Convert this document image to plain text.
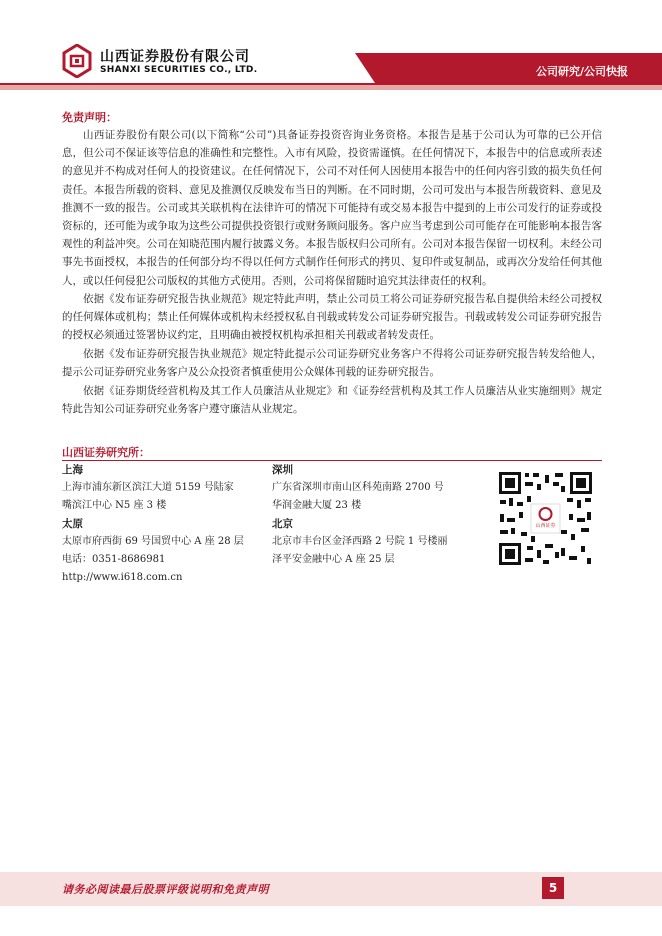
山西证券股份有限公司
SHANXI SECURITIES CO., LTD.	公司研究/公司快报
免责声明：

山西证券股份有限公司(以下简称“公司”)具备证券投资咨询业务资格。本报告是基于公司认为可靠的已公开信息，但公司不保证该等信息的准确性和完整性。入市有风险，投资需谨慎。在任何情况下，本报告中的信息或所表述的意见并不构成对任何人的投资建议。在任何情况下，公司不对任何人因使用本报告中的任何内容引致的损失负任何责任。本报告所载的资料、意见及推测仅反映发布当日的判断。在不同时期，公司可发出与本报告所载资料、意见及推测不一致的报告。公司或其关联机构在法律许可的情况下可能持有或交易本报告中提到的上市公司发行的证券或投资标的，还可能为或争取为这些公司提供投资银行或财务顾问服务。客户应当考虑到公司可能存在可能影响本报告客观性的利益冲突。公司在知晓范围内履行披露义务。本报告版权归公司所有。公司对本报告保留一切权利。未经公司事先书面授权，本报告的任何部分均不得以任何方式制作任何形式的拷贝、复印件或复制品，或再次分发给任何其他人，或以任何侵犯公司版权的其他方式使用。否则，公司将保留随时追究其法律责任的权利。

依据《发布证券研究报告执业规范》规定特此声明，禁止公司员工将公司证券研究报告私自提供给未经公司授权的任何媒体或机构；禁止任何媒体或机构未经授权私自刊载或转发公司证券研究报告。刊载或转发公司证券研究报告的授权必须通过签署协议约定，且明确由被授权机构承担相关刊载或者转发责任。

依据《发布证券研究报告执业规范》规定特此提示公司证券研究业务客户不得将公司证券研究报告转发给他人，提示公司证券研究业务客户及公众投资者慎重使用公众媒体刊载的证券研究报告。

依据《证券期货经营机构及其工作人员廉洁从业规定》和《证券经营机构及其工作人员廉洁从业实施细则》规定特此告知公司证券研究业务客户遵守廉洁从业规定。

山西证券研究所：
上海
上海市浦东新区滨江大道 5159 号陆家
嘴滨江中心 N5 座 3 楼
深圳
广东省深圳市南山区科苑南路 2700 号
华润金融大厦 23 楼
太原
太原市府西街 69 号国贸中心 A 座 28 层
电话：0351-8686981
http://www.i618.com.cn
北京
北京市丰台区金泽西路 2 号院 1 号楼丽
泽平安金融中心 A 座 25 层
山西证券
请务必阅读最后股票评级说明和免责声明	5
